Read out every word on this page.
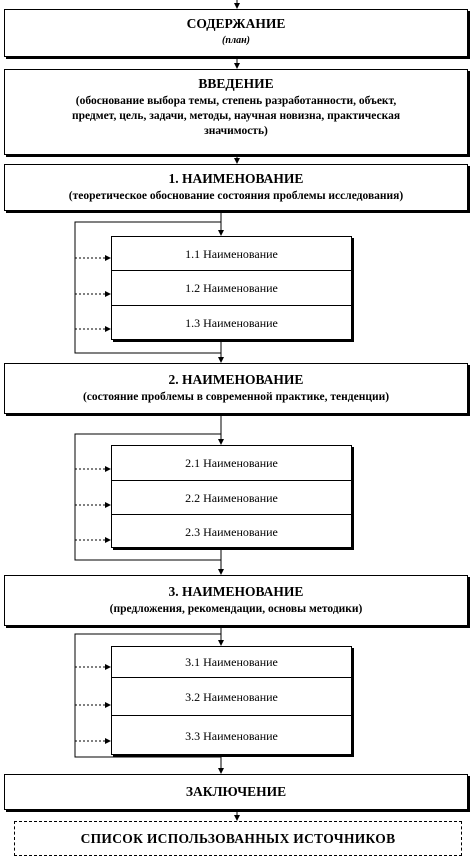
СОДЕРЖАНИЕ
(план)
ВВЕДЕНИЕ
(обоснование выбора темы, степень разработанности, объект,
предмет, цель, задачи, методы, научная новизна, практическая
значимость)
1. НАИМЕНОВАНИЕ
(теоретическое обоснование состояния проблемы исследования)
1.1 Наименование
1.2 Наименование
1.3 Наименование
2. НАИМЕНОВАНИЕ
(состояние проблемы в современной практике, тенденции)
2.1 Наименование
2.2 Наименование
2.3 Наименование
3. НАИМЕНОВАНИЕ
(предложения, рекомендации, основы методики)
3.1 Наименование
3.2 Наименование
3.3 Наименование
ЗАКЛЮЧЕНИЕ
СПИСОК ИСПОЛЬЗОВАННЫХ ИСТОЧНИКОВ
